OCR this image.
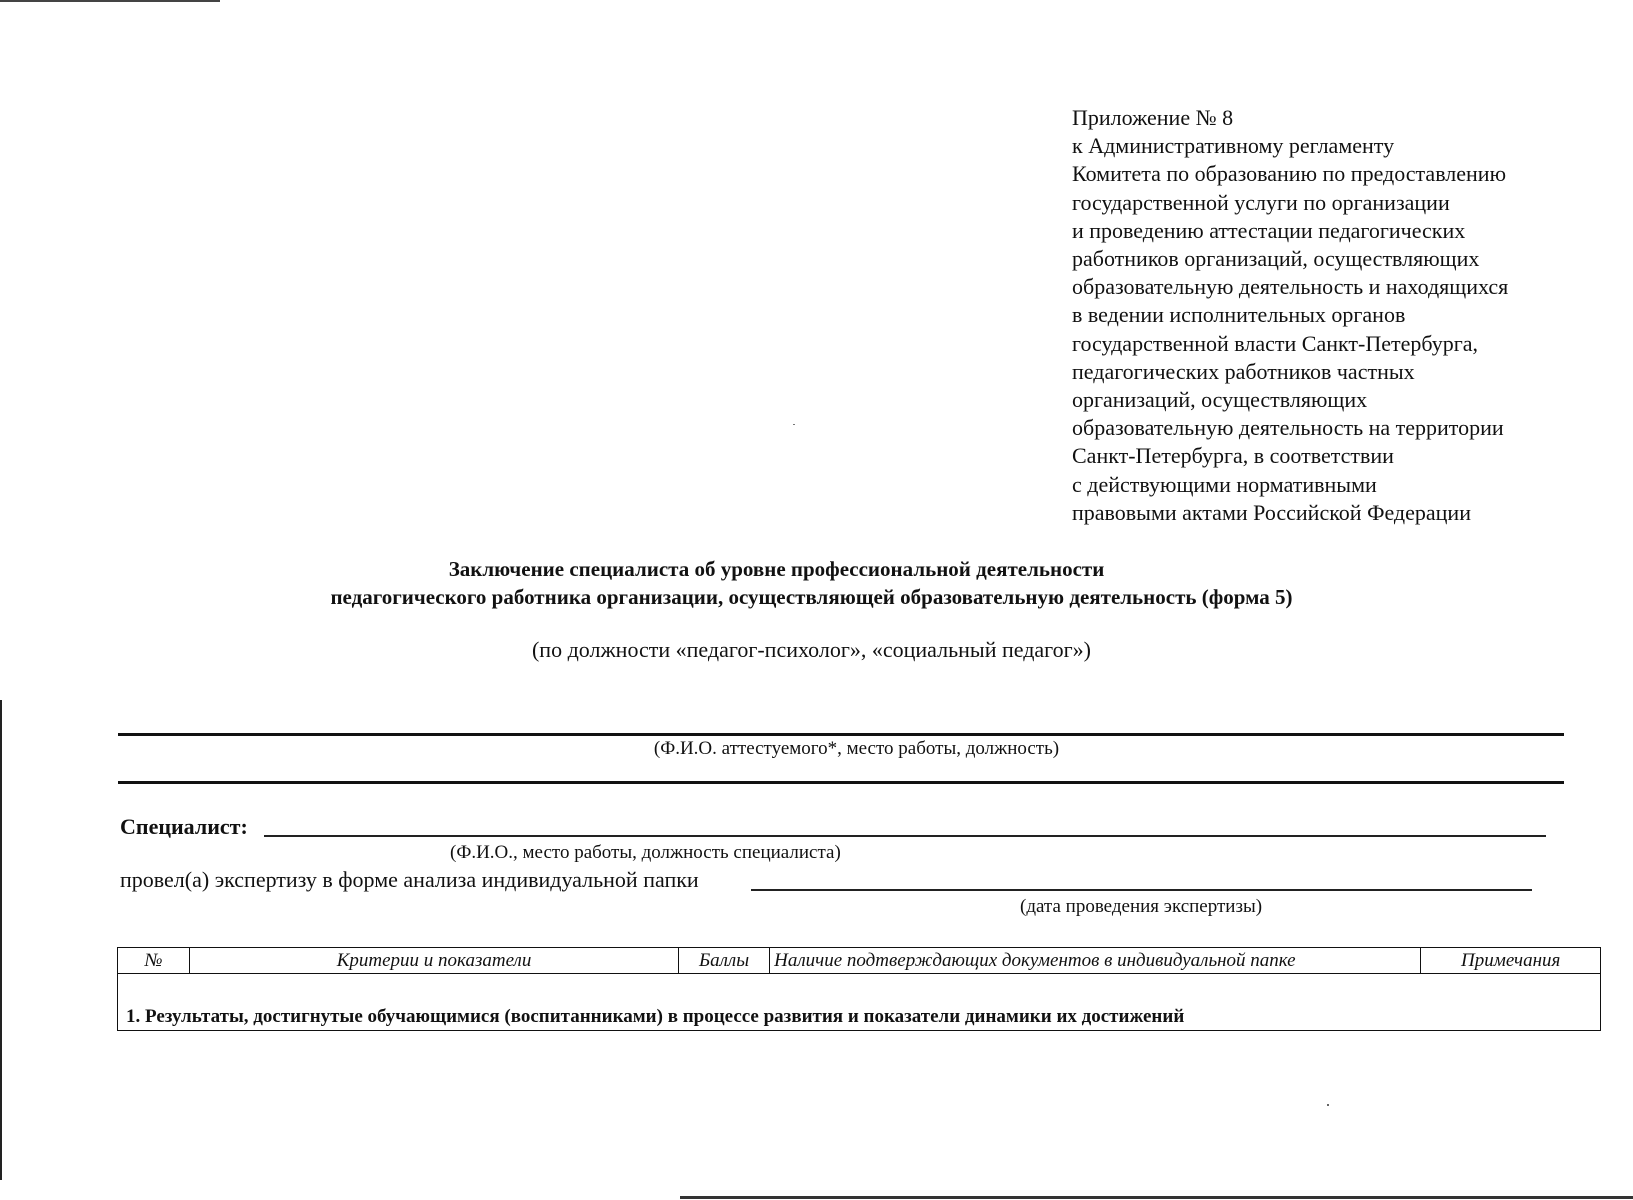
Приложение № 8
к Административному регламенту
Комитета по образованию по предоставлению
государственной услуги по организации
и проведению аттестации педагогических
работников организаций, осуществляющих
образовательную деятельность и находящихся
в ведении исполнительных органов
государственной власти Санкт-Петербурга,
педагогических работников частных
организаций, осуществляющих
образовательную деятельность на территории
Санкт-Петербурга, в соответствии
с действующими нормативными
правовыми актами Российской Федерации
Заключение специалиста об уровне профессиональной деятельности
педагогического работника организации, осуществляющей образовательную деятельность (форма 5)
(по должности «педагог-психолог», «социальный педагог»)
(Ф.И.О. аттестуемого*, место работы, должность)
Специалист:
(Ф.И.О., место работы, должность специалиста)
провел(а) экспертизу в форме анализа индивидуальной папки
(дата проведения экспертизы)
№	Критерии и показатели	Баллы	Наличие подтверждающих документов в индивидуальной папке	Примечания
1. Результаты, достигнутые обучающимися (воспитанниками) в процессе развития и показатели динамики их достижений
